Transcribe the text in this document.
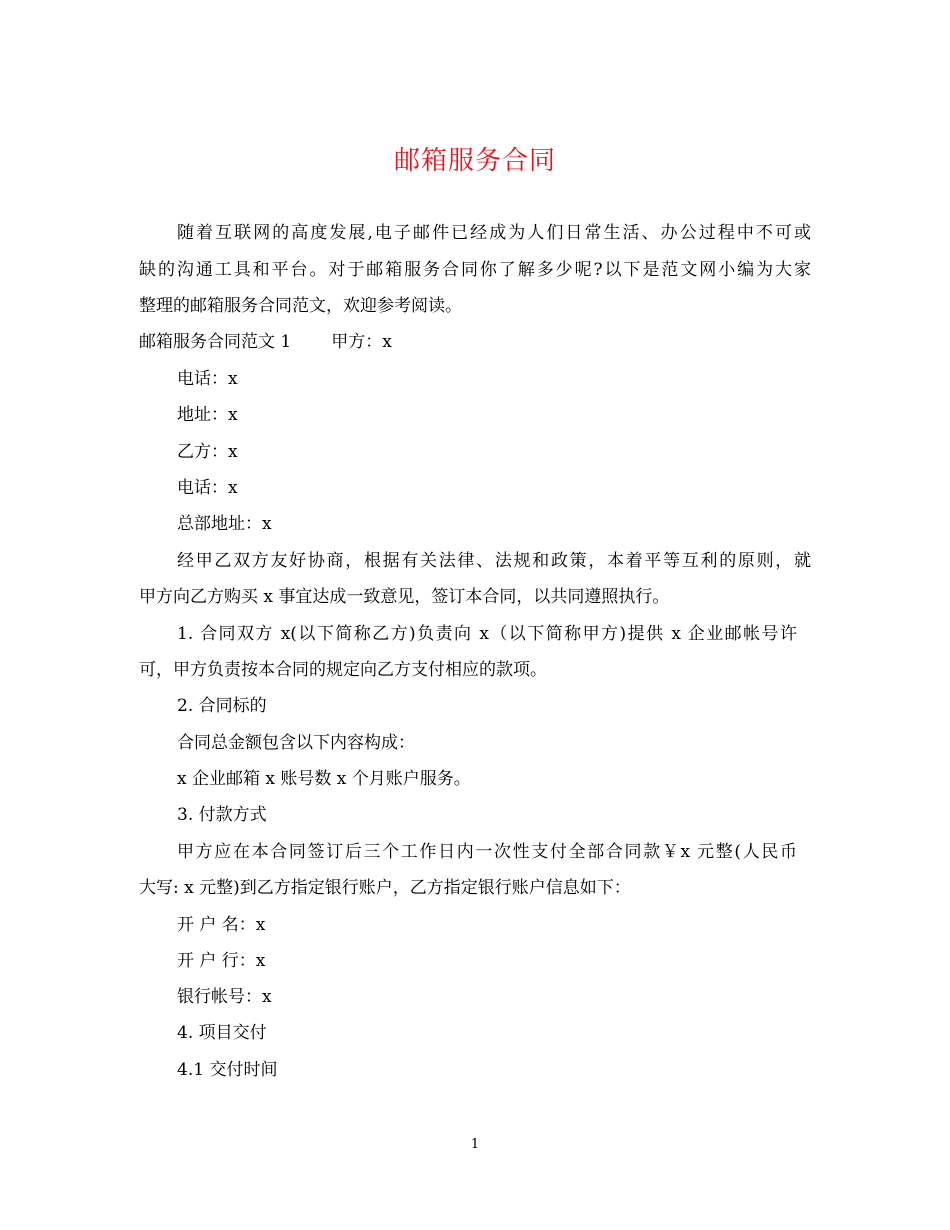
邮箱服务合同
随着互联网的高度发展,电子邮件已经成为人们日常生活、办公过程中不可或
缺的沟通工具和平台。对于邮箱服务合同你了解多少呢?以下是范文网小编为大家
整理的邮箱服务合同范文，欢迎参考阅读。
邮箱服务合同范文 1 甲方：x
电话：x
地址：x
乙方：x
电话：x
总部地址：x
经甲乙双方友好协商，根据有关法律、法规和政策，本着平等互利的原则，就
甲方向乙方购买 x 事宜达成一致意见，签订本合同，以共同遵照执行。
1. 合同双方 x(以下简称乙方)负责向 x（以下简称甲方)提供 x 企业邮帐号许
可，甲方负责按本合同的规定向乙方支付相应的款项。
2. 合同标的
合同总金额包含以下内容构成：
x 企业邮箱 x 账号数 x 个月账户服务。
3. 付款方式
甲方应在本合同签订后三个工作日内一次性支付全部合同款￥x 元整(人民币
大写: x 元整)到乙方指定银行账户，乙方指定银行账户信息如下：
开 户 名：x
开 户 行：x
银行帐号：x
4. 项目交付
4.1 交付时间
1
